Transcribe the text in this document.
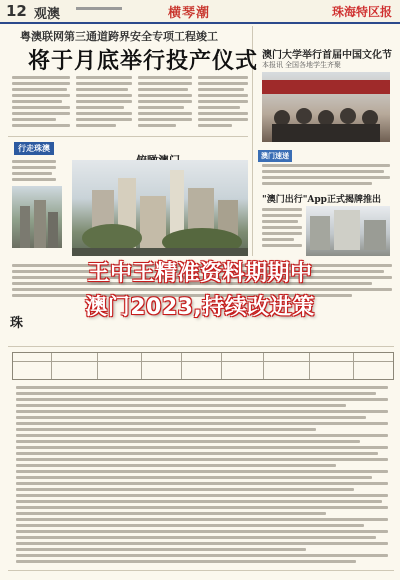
12 观澳	横琴潮	珠海特区报
粤澳联网第三通道跨界安全专项工程竣工
将于月底举行投产仪式
行走珠澳
澳门大学举行首届中国文化节
本报讯 全国各地学生齐聚
澳门速递
"澳门出行"App正式揭牌推出
珠
王中王精准资料期期中
澳门2023,持续改进策
